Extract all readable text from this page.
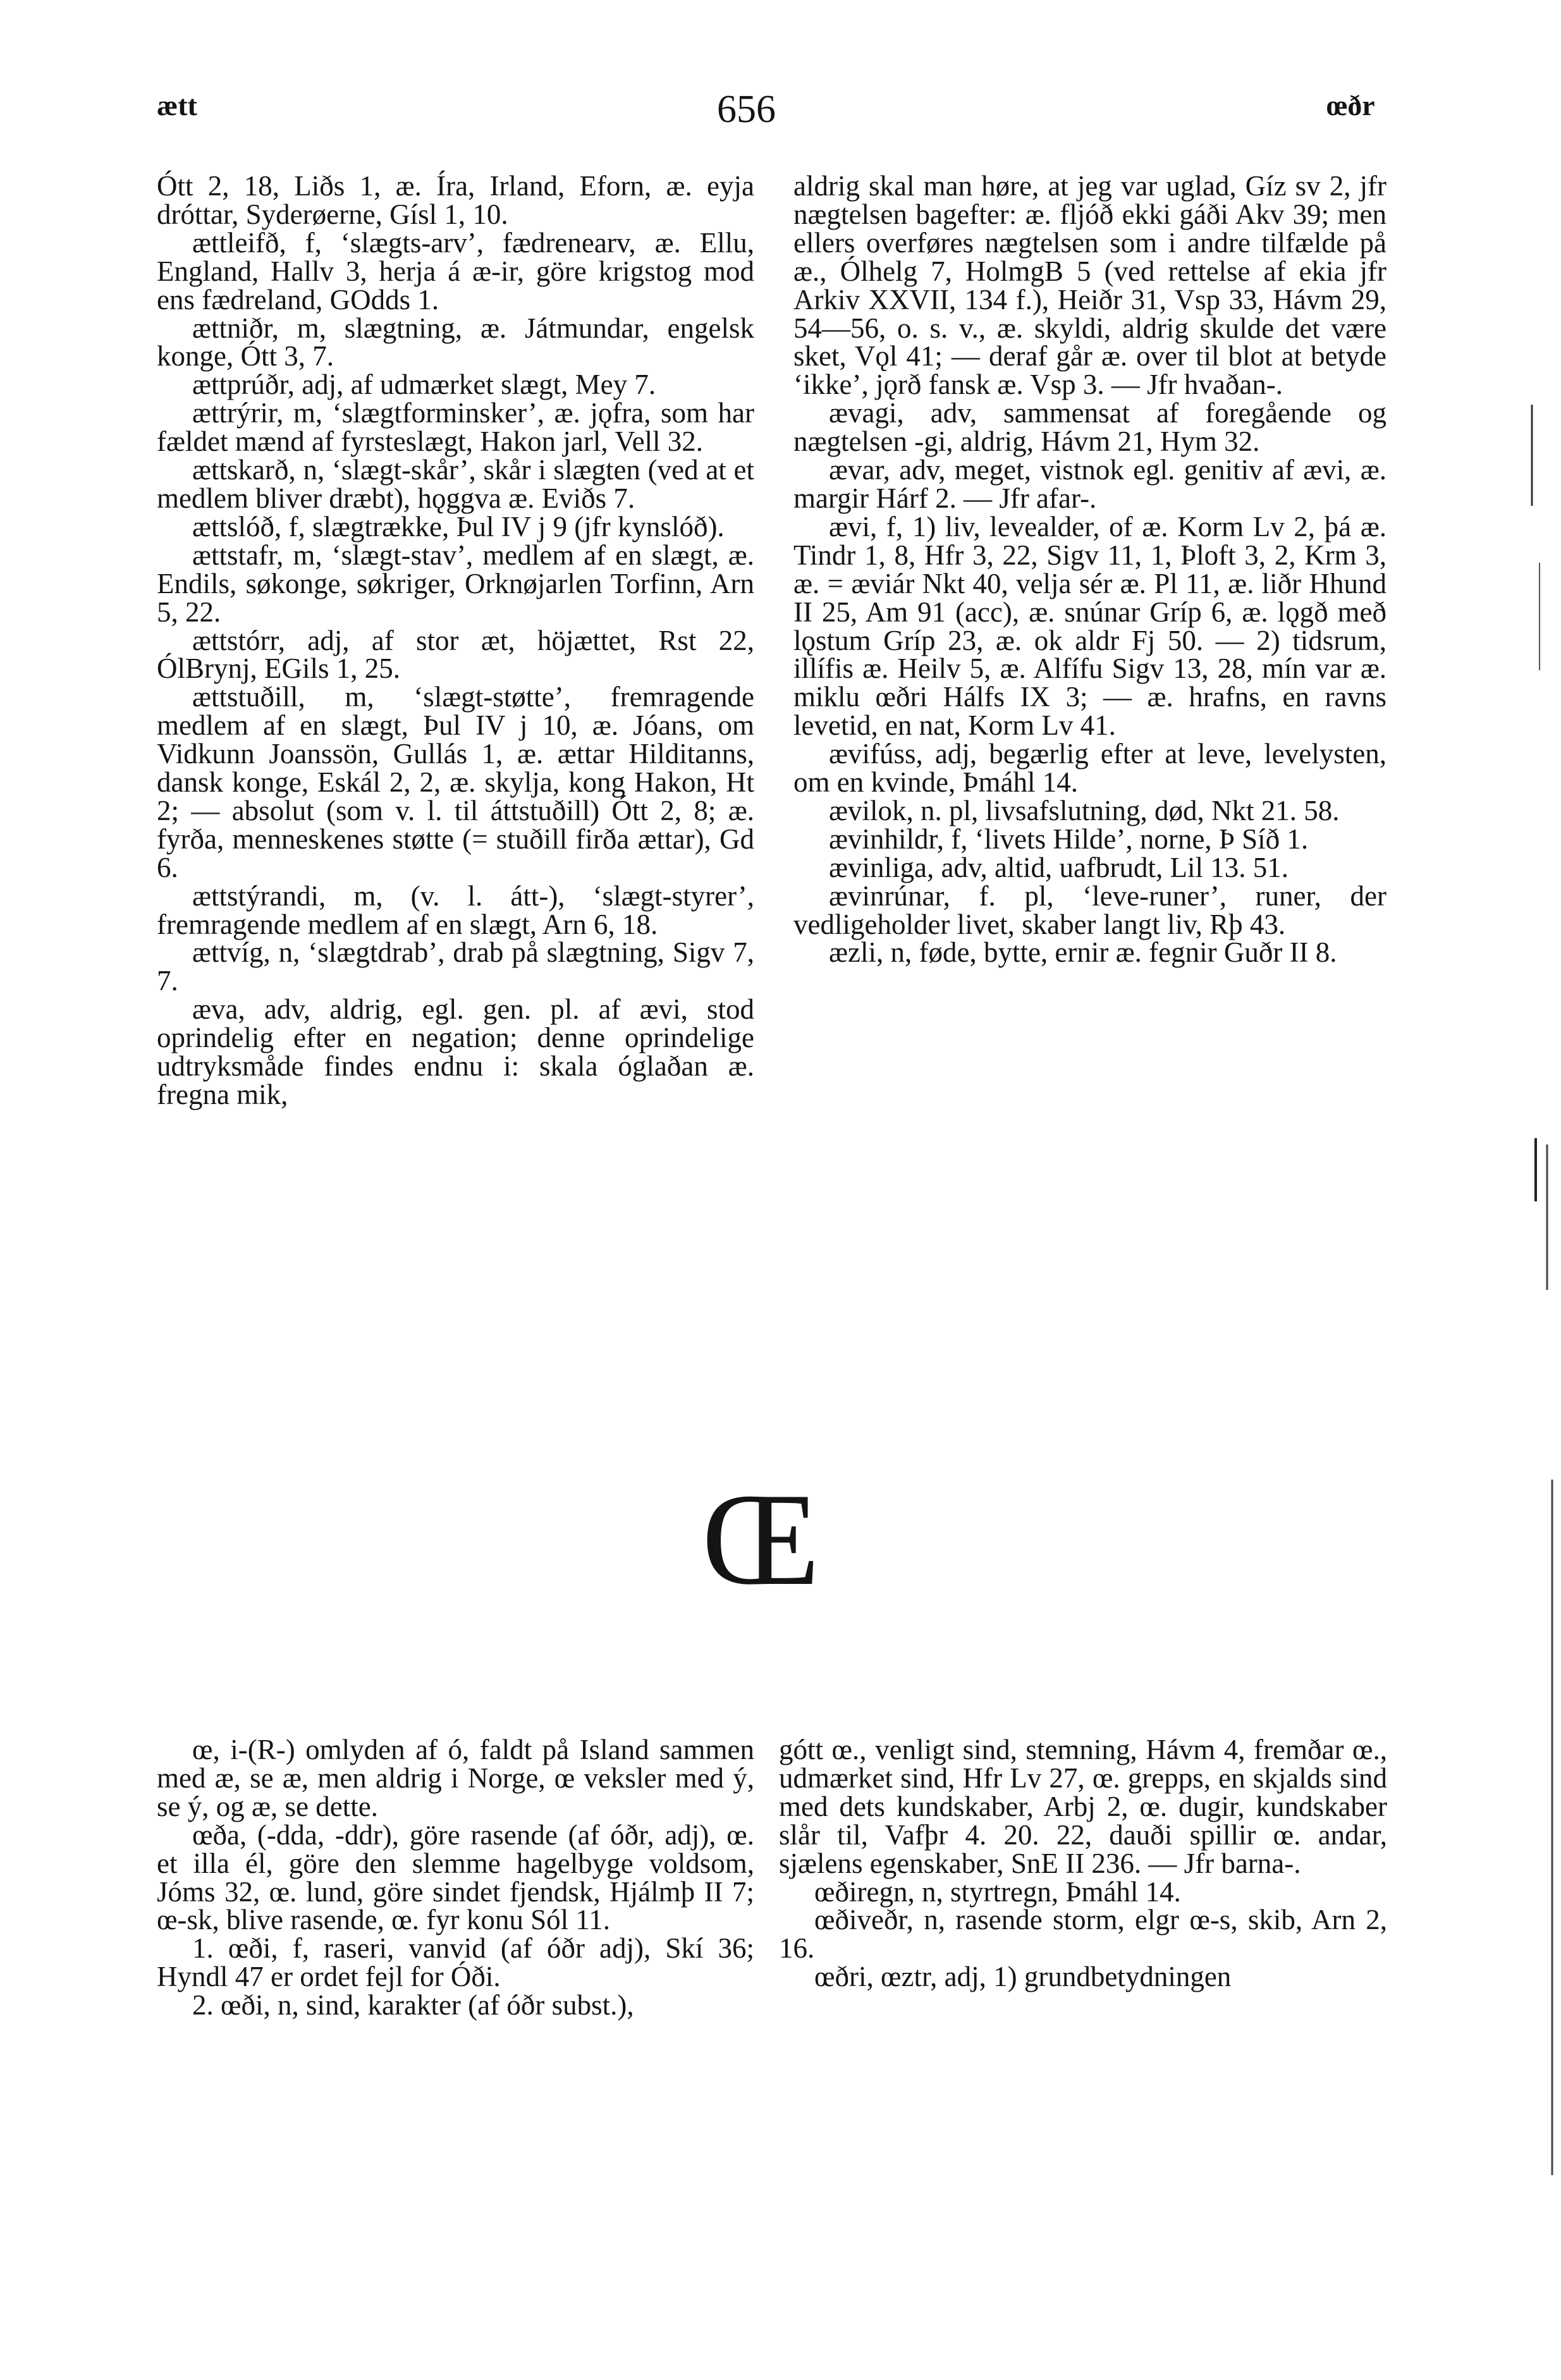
ætt	656	œðr

Ótt 2, 18, Liðs 1, æ. Íra, Irland, Eforn, æ. eyja dróttar, Syderøerne, Gísl 1, 10.

ættleifð, f, ‘slægts-arv’, fædrenearv, æ. Ellu, England, Hallv 3, herja á æ-ir, göre krigstog mod ens fædreland, GOdds 1.

ættniðr, m, slægtning, æ. Játmundar, engelsk konge, Ótt 3, 7.

ættprúðr, adj, af udmærket slægt, Mey 7.

ættrýrir, m, ‘slægtforminsker’, æ. jǫfra, som har fældet mænd af fyrsteslægt, Hakon jarl, Vell 32.

ættskarð, n, ‘slægt-skår’, skår i slægten (ved at et medlem bliver dræbt), hǫggva æ. Eviðs 7.

ættslóð, f, slægtrække, Þul IV j 9 (jfr kynslóð).

ættstafr, m, ‘slægt-stav’, medlem af en slægt, æ. Endils, søkonge, søkriger, Orknøjarlen Torfinn, Arn 5, 22.

ættstórr, adj, af stor æt, höjættet, Rst 22, ÓlBrynj, EGils 1, 25.

ættstuðill, m, ‘slægt-støtte’, fremragende medlem af en slægt, Þul IV j 10, æ. Jóans, om Vidkunn Joanssön, Gullás 1, æ. ættar Hilditanns, dansk konge, Eskál 2, 2, æ. skylja, kong Hakon, Ht 2; — absolut (som v. l. til áttstuðill) Ótt 2, 8; æ. fyrða, menneskenes støtte (= stuðill firða ættar), Gd 6.

ættstýrandi, m, (v. l. átt-), ‘slægt-styrer’, fremragende medlem af en slægt, Arn 6, 18.

ættvíg, n, ‘slægtdrab’, drab på slægtning, Sigv 7, 7.

æva, adv, aldrig, egl. gen. pl. af ævi, stod oprindelig efter en negation; denne oprindelige udtryksmåde findes endnu i: skala óglaðan æ. fregna mik,

aldrig skal man høre, at jeg var uglad, Gíz sv 2, jfr nægtelsen bagefter: æ. fljóð ekki gáði Akv 39; men ellers overføres nægtelsen som i andre tilfælde på æ., Ólhelg 7, HolmgB 5 (ved rettelse af ekia jfr Arkiv XXVII, 134 f.), Heiðr 31, Vsp 33, Hávm 29, 54—56, o. s. v., æ. skyldi, aldrig skulde det være sket, Vǫl 41; — deraf går æ. over til blot at betyde ‘ikke’, jǫrð fansk æ. Vsp 3. — Jfr hvaðan-.

ævagi, adv, sammensat af foregående og nægtelsen -gi, aldrig, Hávm 21, Hym 32.

ævar, adv, meget, vistnok egl. genitiv af ævi, æ. margir Hárf 2. — Jfr afar-.

ævi, f, 1) liv, levealder, of æ. Korm Lv 2, þá æ. Tindr 1, 8, Hfr 3, 22, Sigv 11, 1, Þloft 3, 2, Krm 3, æ. = æviár Nkt 40, velja sér æ. Pl 11, æ. liðr Hhund II 25, Am 91 (acc), æ. snúnar Gríp 6, æ. lǫgð með lǫstum Gríp 23, æ. ok aldr Fj 50. — 2) tidsrum, illífis æ. Heilv 5, æ. Alfífu Sigv 13, 28, mín var æ. miklu œðri Hálfs IX 3; — æ. hrafns, en ravns levetid, en nat, Korm Lv 41.

ævifúss, adj, begærlig efter at leve, levelysten, om en kvinde, Þmáhl 14.

ævilok, n. pl, livsafslutning, død, Nkt 21. 58.

ævinhildr, f, ‘livets Hilde’, norne, Þ Síð 1.

ævinliga, adv, altid, uafbrudt, Lil 13. 51.

ævinrúnar, f. pl, ‘leve-runer’, runer, der vedligeholder livet, skaber langt liv, Rþ 43.

æzli, n, føde, bytte, ernir æ. fegnir Guðr II 8.

Œ

œ, i-(R-) omlyden af ó, faldt på Island sammen med æ, se æ, men aldrig i Norge, œ veksler med ý, se ý, og æ, se dette.

œða, (-dda, -ddr), göre rasende (af óðr, adj), œ. et illa él, göre den slemme hagelbyge voldsom, Jóms 32, œ. lund, göre sindet fjendsk, Hjálmþ II 7; œ-sk, blive rasende, œ. fyr konu Sól 11.

1. œði, f, raseri, vanvid (af óðr adj), Skí 36; Hyndl 47 er ordet fejl for Óði.

2. œði, n, sind, karakter (af óðr subst.),

gótt œ., venligt sind, stemning, Hávm 4, fremðar œ., udmærket sind, Hfr Lv 27, œ. grepps, en skjalds sind med dets kundskaber, Arbj 2, œ. dugir, kundskaber slår til, Vafþr 4. 20. 22, dauði spillir œ. andar, sjælens egenskaber, SnE II 236. — Jfr barna-.

œðiregn, n, styrtregn, Þmáhl 14.

œðiveðr, n, rasende storm, elgr œ-s, skib, Arn 2, 16.

œðri, œztr, adj, 1) grundbetydningen
